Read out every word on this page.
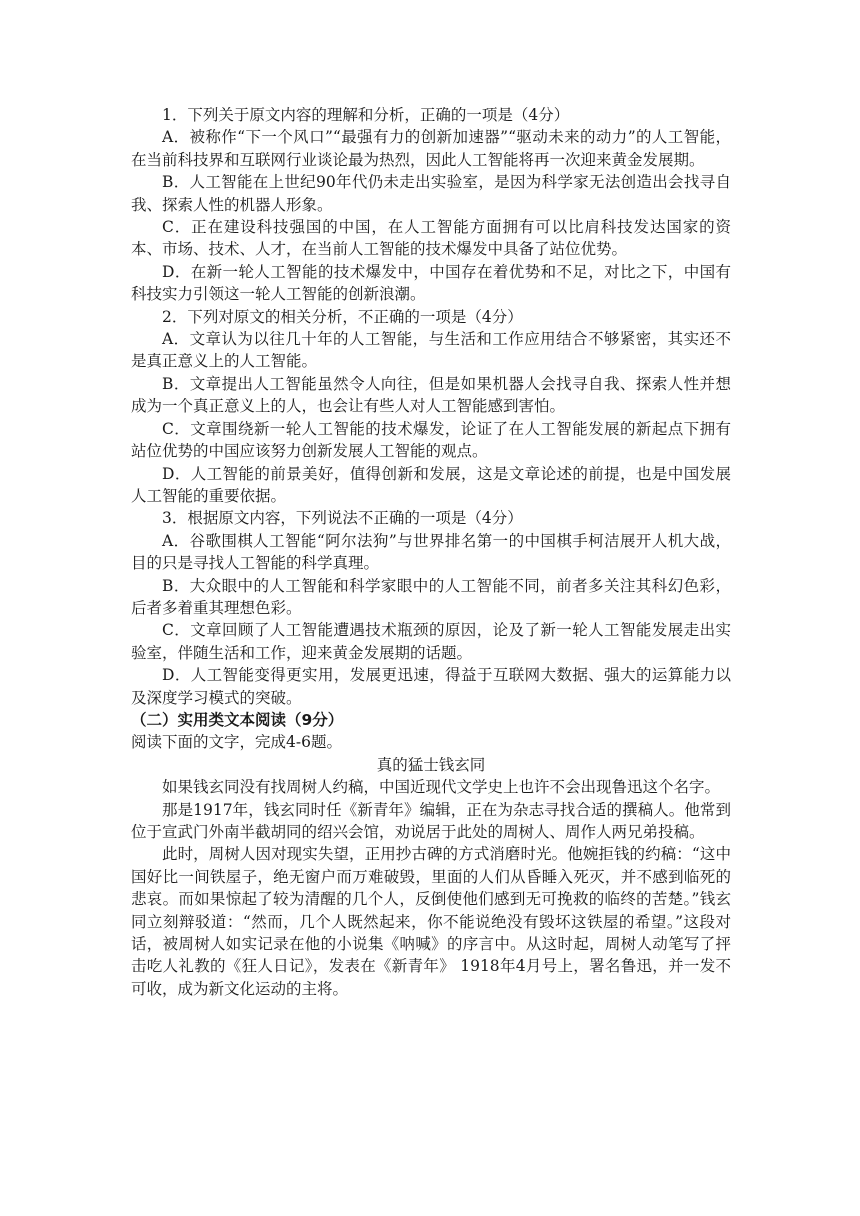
1．下列关于原文内容的理解和分析，正确的一项是（4分）

A．被称作“下一个风口”“最强有力的创新加速器”“驱动未来的动力”的人工智能，在当前科技界和互联网行业谈论最为热烈，因此人工智能将再一次迎来黄金发展期。

B．人工智能在上世纪90年代仍未走出实验室，是因为科学家无法创造出会找寻自我、探索人性的机器人形象。

C．正在建设科技强国的中国，在人工智能方面拥有可以比肩科技发达国家的资本、市场、技术、人才，在当前人工智能的技术爆发中具备了站位优势。

D．在新一轮人工智能的技术爆发中，中国存在着优势和不足，对比之下，中国有科技实力引领这一轮人工智能的创新浪潮。

2．下列对原文的相关分析，不正确的一项是（4分）

A．文章认为以往几十年的人工智能，与生活和工作应用结合不够紧密，其实还不是真正意义上的人工智能。

B．文章提出人工智能虽然令人向往，但是如果机器人会找寻自我、探索人性并想成为一个真正意义上的人，也会让有些人对人工智能感到害怕。

C．文章围绕新一轮人工智能的技术爆发，论证了在人工智能发展的新起点下拥有站位优势的中国应该努力创新发展人工智能的观点。

D．人工智能的前景美好，值得创新和发展，这是文章论述的前提，也是中国发展人工智能的重要依据。

3．根据原文内容，下列说法不正确的一项是（4分）

A．谷歌围棋人工智能“阿尔法狗”与世界排名第一的中国棋手柯洁展开人机大战，目的只是寻找人工智能的科学真理。

B．大众眼中的人工智能和科学家眼中的人工智能不同，前者多关注其科幻色彩，后者多着重其理想色彩。

C．文章回顾了人工智能遭遇技术瓶颈的原因，论及了新一轮人工智能发展走出实验室，伴随生活和工作，迎来黄金发展期的话题。

D．人工智能变得更实用，发展更迅速，得益于互联网大数据、强大的运算能力以及深度学习模式的突破。

（二）实用类文本阅读（9分）

阅读下面的文字，完成4-6题。

真的猛士钱玄同

如果钱玄同没有找周树人约稿，中国近现代文学史上也许不会出现鲁迅这个名字。

那是1917年，钱玄同时任《新青年》编辑，正在为杂志寻找合适的撰稿人。他常到位于宣武门外南半截胡同的绍兴会馆，劝说居于此处的周树人、周作人两兄弟投稿。

此时，周树人因对现实失望，正用抄古碑的方式消磨时光。他婉拒钱的约稿：“这中国好比一间铁屋子，绝无窗户而万难破毁，里面的人们从昏睡入死灭，并不感到临死的悲哀。而如果惊起了较为清醒的几个人，反倒使他们感到无可挽救的临终的苦楚。”钱玄同立刻辩驳道：“然而，几个人既然起来，你不能说绝没有毁坏这铁屋的希望。”这段对话，被周树人如实记录在他的小说集《呐喊》的序言中。从这时起，周树人动笔写了抨击吃人礼教的《狂人日记》，发表在《新青年》 1918年4月号上，署名鲁迅，并一发不可收，成为新文化运动的主将。
